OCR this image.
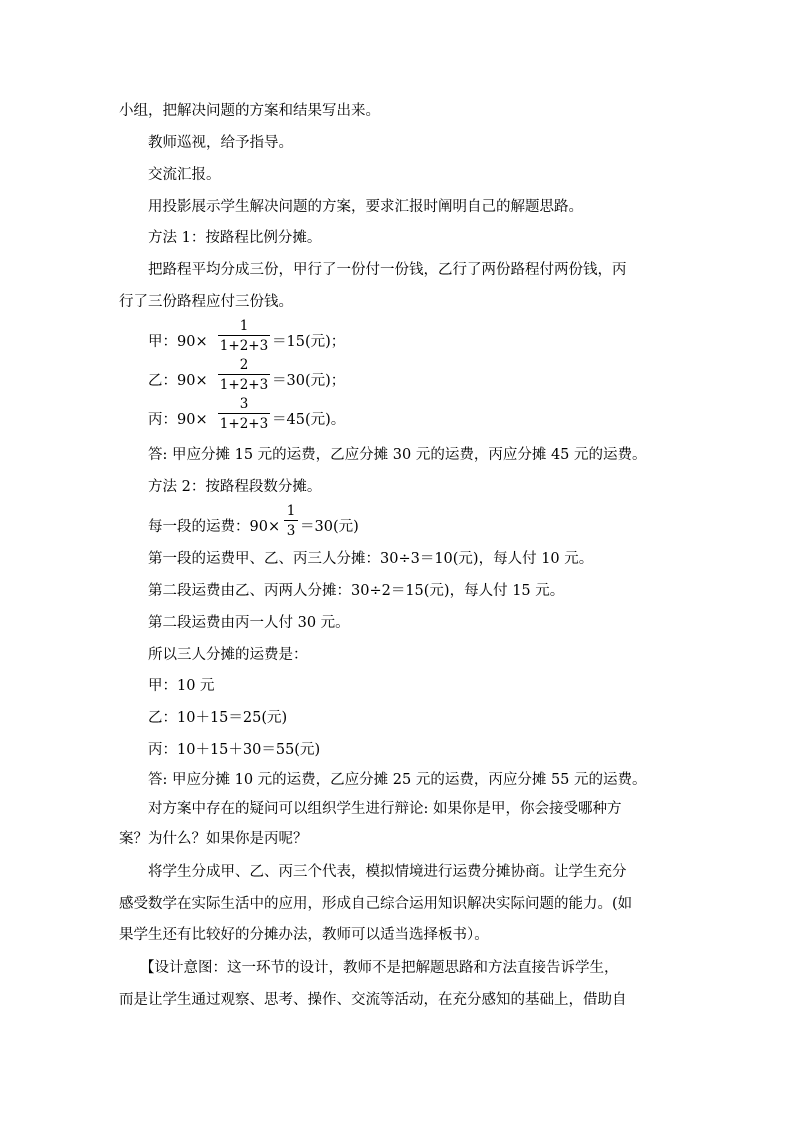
小组，把解决问题的方案和结果写出来。
教师巡视，给予指导。
交流汇报。
用投影展示学生解决问题的方案，要求汇报时阐明自己的解题思路。
方法 1：按路程比例分摊。
把路程平均分成三份，甲行了一份付一份钱，乙行了两份路程付两份钱，丙
行了三份路程应付三份钱。
甲：90×
1
1+2+3 ＝15(元)；
乙：90×
2
1+2+3 ＝30(元)；
丙：90×
3
1+2+3 ＝45(元)。
答: 甲应分摊 15 元的运费，乙应分摊 30 元的运费，丙应分摊 45 元的运费。
方法 2：按路程段数分摊。
每一段的运费：90×
1
3 ＝30(元)
第一段的运费甲、乙、丙三人分摊：30÷3＝10(元)，每人付 10 元。
第二段运费由乙、丙两人分摊：30÷2＝15(元)，每人付 15 元。
第二段运费由丙一人付 30 元。
所以三人分摊的运费是：
甲：10 元
乙：10＋15＝25(元)
丙：10＋15＋30＝55(元)
答: 甲应分摊 10 元的运费，乙应分摊 25 元的运费，丙应分摊 55 元的运费。
对方案中存在的疑问可以组织学生进行辩论: 如果你是甲，你会接受哪种方
案？为什么？如果你是丙呢？
将学生分成甲、乙、丙三个代表，模拟情境进行运费分摊协商。让学生充分
感受数学在实际生活中的应用，形成自己综合运用知识解决实际问题的能力。(如
果学生还有比较好的分摊办法，教师可以适当选择板书）。
【设计意图：这一环节的设计，教师不是把解题思路和方法直接告诉学生，
而是让学生通过观察、思考、操作、交流等活动，在充分感知的基础上，借助自
